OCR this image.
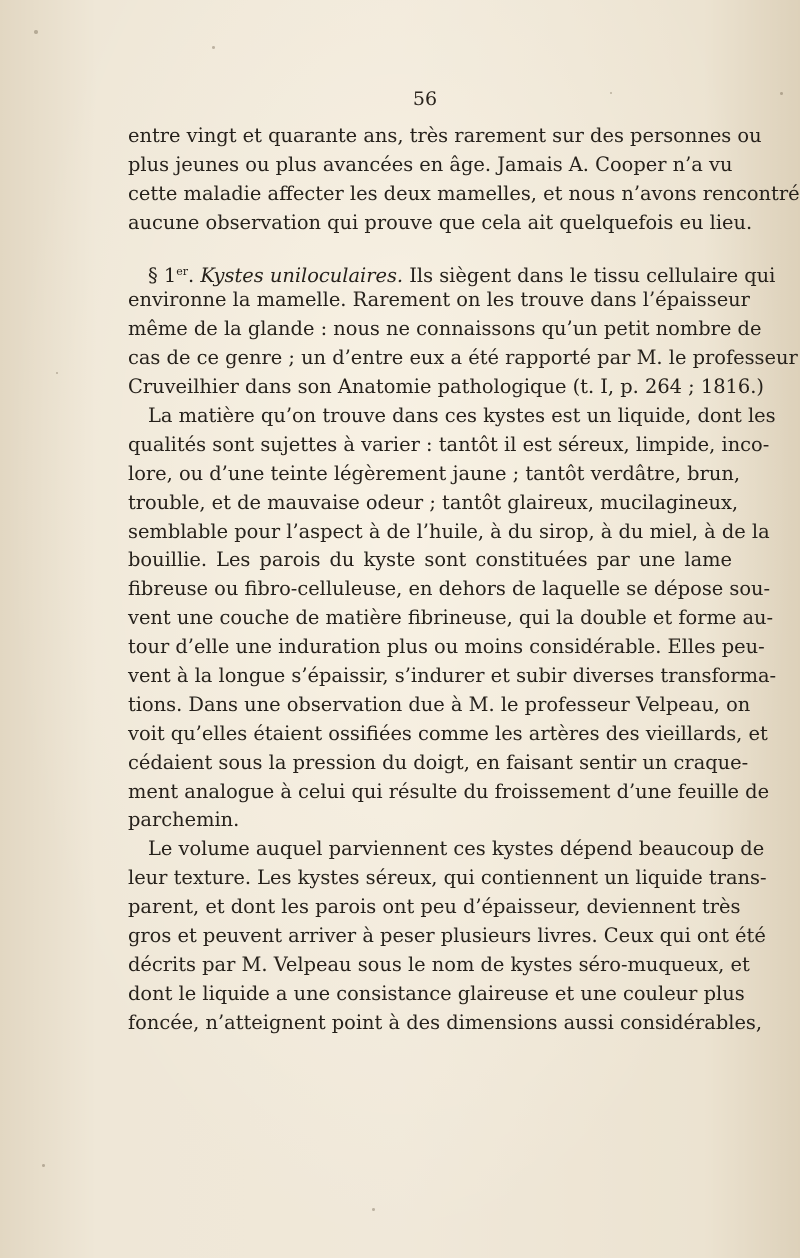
56
entre vingt et quarante ans, très rarement sur des personnes ou
plus jeunes ou plus avancées en âge. Jamais A. Cooper n’a vu
cette maladie affecter les deux mamelles, et nous n’avons rencontré
aucune observation qui prouve que cela ait quelquefois eu lieu.
§ 1er. Kystes uniloculaires. Ils siègent dans le tissu cellulaire qui
environne la mamelle. Rarement on les trouve dans l’épaisseur
même de la glande : nous ne connaissons qu’un petit nombre de
cas de ce genre ; un d’entre eux a été rapporté par M. le professeur
Cruveilhier dans son Anatomie pathologique (t. I, p. 264 ; 1816.)
La matière qu’on trouve dans ces kystes est un liquide, dont les
qualités sont sujettes à varier : tantôt il est séreux, limpide, inco-
lore, ou d’une teinte légèrement jaune ; tantôt verdâtre, brun,
trouble, et de mauvaise odeur ; tantôt glaireux, mucilagineux,
semblable pour l’aspect à de l’huile, à du sirop, à du miel, à de la
bouillie. Les parois du kyste sont constituées par une lame
fibreuse ou fibro-celluleuse, en dehors de laquelle se dépose sou-
vent une couche de matière fibrineuse, qui la double et forme au-
tour d’elle une induration plus ou moins considérable. Elles peu-
vent à la longue s’épaissir, s’indurer et subir diverses transforma-
tions. Dans une observation due à M. le professeur Velpeau, on
voit qu’elles étaient ossifiées comme les artères des vieillards, et
cédaient sous la pression du doigt, en faisant sentir un craque-
ment analogue à celui qui résulte du froissement d’une feuille de
parchemin.
Le volume auquel parviennent ces kystes dépend beaucoup de
leur texture. Les kystes séreux, qui contiennent un liquide trans-
parent, et dont les parois ont peu d’épaisseur, deviennent très
gros et peuvent arriver à peser plusieurs livres. Ceux qui ont été
décrits par M. Velpeau sous le nom de kystes séro-muqueux, et
dont le liquide a une consistance glaireuse et une couleur plus
foncée, n’atteignent point à des dimensions aussi considérables,
